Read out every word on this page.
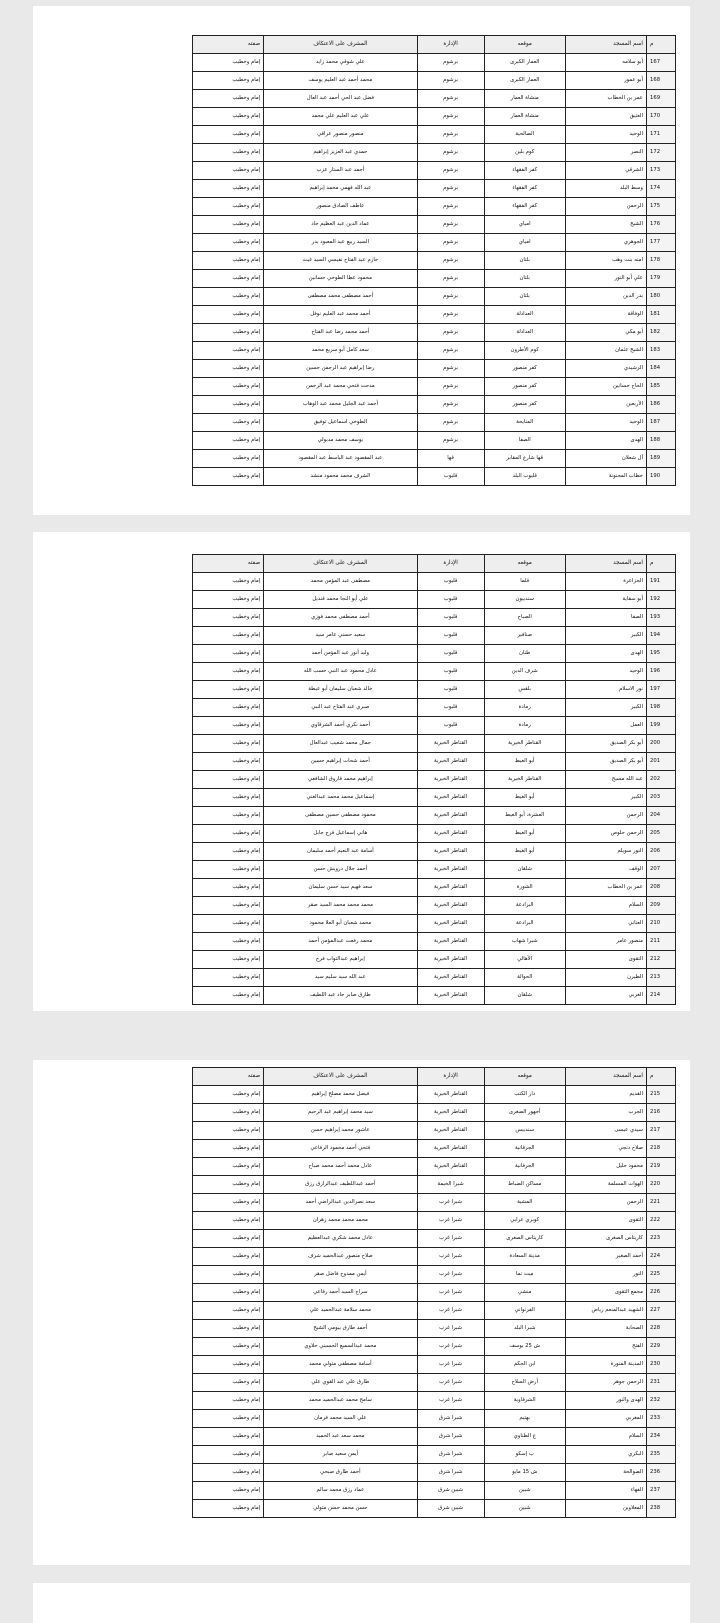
م	اسم المسجد	موقعه	الإدارة	المشرف على الاعتكاف	صفته
167	أبو سلامه	العمار الكبرى	برشوم	علي شوقي محمد زايد	إمام وخطيب
168	أبو عمور	العمار الكبرى	برشوم	محمد أحمد عبد العليم يوسف	إمام وخطيب
169	عمر بن الخطاب	منشاة العمار	برشوم	فضل عبد الحي أحمد عبد العال	إمام وخطيب
170	العتيق	منشاة العمار	برشوم	علي عبد العليم علي محمد	إمام وخطيب
171	الوحيد	الصالحية	برشوم	منصور منصور عراقي	إمام وخطيب
172	النصر	كوم بلين	برشوم	حمدي عبد العزيز إبراهيم	إمام وخطيب
173	الشرقي	كفر الفقهاء	برشوم	أحمد عبد الستار عزب	إمام وخطيب
174	وسط البلد	كفر الفقهاء	برشوم	عبد الله فهمي محمد إبراهيم	إمام وخطيب
175	الرحمن	كفر الفقهاء	برشوم	عاطف الصادق منصور	إمام وخطيب
176	الشيخ	امياي	برشوم	عماد الدين عبد العظيم جاد	إمام وخطيب
177	الجوهري	امياي	برشوم	السيد ربيع عبد المعبود بدر	إمام وخطيب
178	امنه بنت وهب	بلتان	برشوم	حازم عبد الفتاح نفيسي السيد غيث	إمام وخطيب
179	علي أبو النور	بلتان	برشوم	محمود عطا الطوخي حسانين	إمام وخطيب
180	بدر الدين	بلتان	برشوم	أحمد مصطفى محمد مصطفى	إمام وخطيب
181	الوفاقة	العدادلة	برشوم	أحمد محمد عبد العليم نوفل	إمام وخطيب
182	أبو مكي	العدادلة	برشوم	أحمد محمد رضا عبد الفتاح	إمام وخطيب
183	الشيخ عثمان	كوم الأطرون	برشوم	سعد كامل أبو سريع محمد	إمام وخطيب
184	الرشيدي	كفر منصور	برشوم	رضا إبراهيم عبد الرحمن حسين	إمام وخطيب
185	الحاج حسانين	كفر منصور	برشوم	مدحت فتحي محمد عبد الرحمن	إمام وخطيب
186	الأربعين	كفر منصور	برشوم	أحمد عبد الجليل محمد عبد الوهاب	إمام وخطيب
187	الوحيد	المنايحة	برشوم	الطوخي اسماعيل توفيق	إمام وخطيب
188	الهدى	الصفا	برشوم	يوسف محمد مدبولي	إمام وخطيب
189	آل شعلان	قها شارع المقابر	قها	عبد المقصود عبد الباسط عبد المقصود	إمام وخطيب
190	خطاب المجنونة	قليوب البلد	قليوب	الشرف محمد محمود منشد	إمام وخطيب
م	اسم المسجد	موقعه	الإدارة	المشرف على الاعتكاف	صفته
191	الجزاعرة	قلما	قليوب	مصطفى عبد المؤمن محمد	إمام وخطيب
192	أبو سقاية	سندبيون	قليوب	علي أبو النجا محمد قنديل	إمام وخطيب
193	الصفا	الصباح	قليوب	أحمد مصطفى محمد فوزي	إمام وخطيب
194	الكبير	صنافير	قليوب	سعيد حسني عامر سيد	إمام وخطيب
195	الهدى	طنان	قليوب	وليد أنور عبد المؤمن أحمد	إمام وخطيب
196	الوحيد	شرف الدين	قليوب	عادل محمود عبد النبي حسب الله	إمام وخطيب
197	نور الاسلام	بلقس	قليوب	خالد شعبان سليمان أبو عيطة	إمام وخطيب
198	الكبير	رمادة	قليوب	صبري عبد الفتاح عبد النبي	إمام وخطيب
199	العمل	رمادة	قليوب	أحمد بكري أحمد الشرقاوي	إمام وخطيب
200	أبو بكر الصديق	القناطر الخيرية	القناطر الخيرية	جمال محمد شعيب عبدالعال	إمام وخطيب
201	أبو بكر الصديق	أبو الغيط	القناطر الخيرية	أحمد شحات إبراهيم حسين	إمام وخطيب
202	عبد الله مسيح	القناطر الخيرية	القناطر الخيرية	إبراهيم محمد فاروق الشافعي	إمام وخطيب
203	الكبير	أبو الغيط	القناطر الخيرية	إسماعيل محمد محمد عبدالغني	إمام وخطيب
204	الرحمن	العشرة، أبو الغيط	القناطر الخيرية	محمود مصطفى حسين مصطفى	إمام وخطيب
205	الرحمن حلوص	أبو الغيط	القناطر الخيرية	هاني إسماعيل فرج جابل	إمام وخطيب
206	النور سويلم	أبو الغيط	القناطر الخيرية	أسامة عبد النعيم أحمد سليمان	إمام وخطيب
207	الوقف	شلقان	القناطر الخيرية	أحمد جلال درويش حسن	إمام وخطيب
208	عمر بن الخطاب	الشورة	القناطر الخيرية	سعد فهيم سيد حسن سليمان	إمام وخطيب
209	السلام	البرادعة	القناطر الخيرية	محمد محمد محمد السيد صقر	إمام وخطيب
210	العناني	البرادعة	القناطر الخيرية	محمد شعبان أبو العلا محمود	إمام وخطيب
211	منصور عامر	شبرا شهاب	القناطر الخيرية	محمد رفعت عبدالمؤمن أحمد	إمام وخطيب
212	التقوى	الأهالي	القناطر الخيرية	إبراهيم عبدالتواب فرج	إمام وخطيب
213	الطيرن	الحوالة	القناطر الخيرية	عبد الله سيد سليم سيد	إمام وخطيب
214	الغربي	شلقان	القناطر الخيرية	طارق صابر جاد عبد اللطيف	إمام وخطيب
م	اسم المسجد	موقعه	الإدارة	المشرف على الاعتكاف	صفته
215	القديم	دار الكتب	القناطر الخيرية	فيصل محمد مصلح إبراهيم	إمام وخطيب
216	الجرب	أجهور الصغرى	القناطر الخيرية	سيد محمد إبراهيم عبد الرحيم	إمام وخطيب
217	سيدي عيسى	سندبيس	القناطر الخيرية	عاشور محمد إبراهيم حسن	إمام وخطيب
218	صلاح دنجي	الجرفانية	القناطر الخيرية	فتحي أحمد محمود الرفاعي	إمام وخطيب
219	محمود حليل	الجرفانية	القناطر الخيرية	عادل محمد أحمد محمد صباح	إمام وخطيب
220	الهوات المسلمة	مساكن الضباط	شبرا الخيمة	أحمد عبداللطيف عبدالرازق رزق	إمام وخطيب
221	الرحمن	المشية	شبرا غرب	سعد نصرالدين عبدالراضي أحمد	إمام وخطيب
222	التقوى	كوبري عرابي	شبرا غرب	محمد محمد محمد زهران	إمام وخطيب
223	كاريتاس الصغرى	كاريتاس الصغرى	شبرا غرب	عادل محمد شكري عبدالعظيم	إمام وخطيب
224	أحمد الصغير	مدينة السعادة	شبرا غرب	صلاح منصور عبدالحميد شرف	إمام وخطيب
225	النور	ميت نما	شبرا غرب	أيمن ممدوح فاضل صقر	إمام وخطيب
226	مجمع التقوى	منشي	شبرا غرب	سراج السيد أحمد رفاعي	إمام وخطيب
227	الشهيد عبدالمنعم رياض	الفرنواني	شبرا غرب	محمد سلامة عبدالحميد علي	إمام وخطيب
228	الصحابة	شبرا البلد	شبرا غرب	أحمد طارق بيومي الشيخ	إمام وخطيب
229	الفتح	ش 25 يوسف	شبرا غرب	محمد عبدالسميع الحسيني حلاوي	إمام وخطيب
230	المدينة المنورة	ابن الحكم	شبرا غرب	أسامة مصطفى متولي محمد	إمام وخطيب
231	الرحمن جوهر	أرض السلاح	شبرا غرب	طارق علي عبد القوي علي	إمام وخطيب
232	الهدى والنور	الشرقاوية	شبرا غرب	سامح محمد عبدالحميد محمد	إمام وخطيب
233	المغربي	بهتيم	شبرا شرق	علي السيد محمد فرمان	إمام وخطيب
234	السلام	ع الطناوي	شبرا شرق	محمد سعد عبد الحميد	إمام وخطيب
235	البكري	ب إسكو	شبرا شرق	أيمن سعيد صابر	إمام وخطيب
236	الصوالحة	ش 15 مايو	شبرا شرق	أحمد طارق صبحي	إمام وخطيب
237	الفهاء	شبين	شبين شرق	عماد رزق محمد سالم	إمام وخطيب
238	المعلاوين	شبين	شبين شرق	حسن محمد حسن متولي	إمام وخطيب
